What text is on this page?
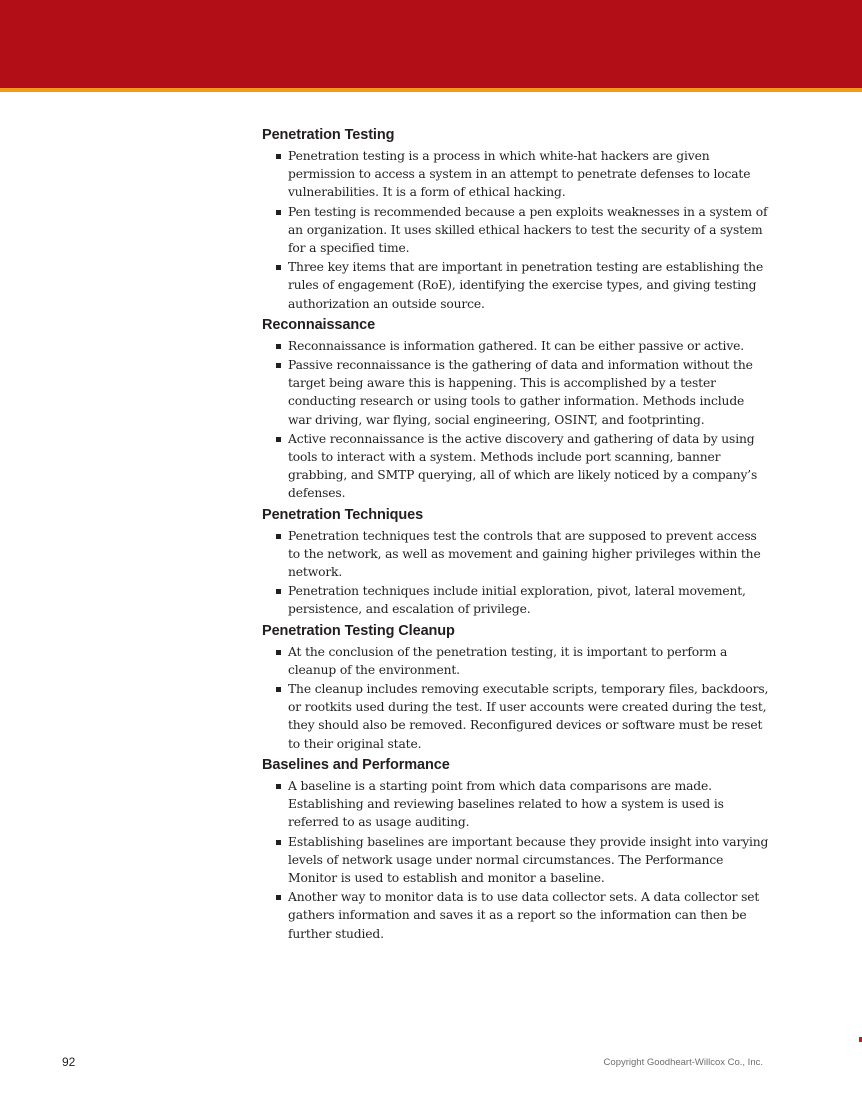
Penetration Testing
Penetration testing is a process in which white-hat hackers are given permission to access a system in an attempt to penetrate defenses to locate vulnerabilities. It is a form of ethical hacking.
Pen testing is recommended because a pen exploits weaknesses in a system of an organization. It uses skilled ethical hackers to test the security of a system for a specified time.
Three key items that are important in penetration testing are establishing the rules of engagement (RoE), identifying the exercise types, and giving testing authorization an outside source.
Reconnaissance
Reconnaissance is information gathered. It can be either passive or active.
Passive reconnaissance is the gathering of data and information without the target being aware this is happening. This is accomplished by a tester conducting research or using tools to gather information. Methods include war driving, war flying, social engineering, OSINT, and footprinting.
Active reconnaissance is the active discovery and gathering of data by using tools to interact with a system. Methods include port scanning, banner grabbing, and SMTP querying, all of which are likely noticed by a company’s defenses.
Penetration Techniques
Penetration techniques test the controls that are supposed to prevent access to the network, as well as movement and gaining higher privileges within the network.
Penetration techniques include initial exploration, pivot, lateral movement, persistence, and escalation of privilege.
Penetration Testing Cleanup
At the conclusion of the penetration testing, it is important to perform a cleanup of the environment.
The cleanup includes removing executable scripts, temporary files, backdoors, or rootkits used during the test. If user accounts were created during the test, they should also be removed. Reconfigured devices or software must be reset to their original state.
Baselines and Performance
A baseline is a starting point from which data comparisons are made. Establishing and reviewing baselines related to how a system is used is referred to as usage auditing.
Establishing baselines are important because they provide insight into varying levels of network usage under normal circumstances. The Performance Monitor is used to establish and monitor a baseline.
Another way to monitor data is to use data collector sets. A data collector set gathers information and saves it as a report so the information can then be further studied.
92	Copyright Goodheart-Willcox Co., Inc.
